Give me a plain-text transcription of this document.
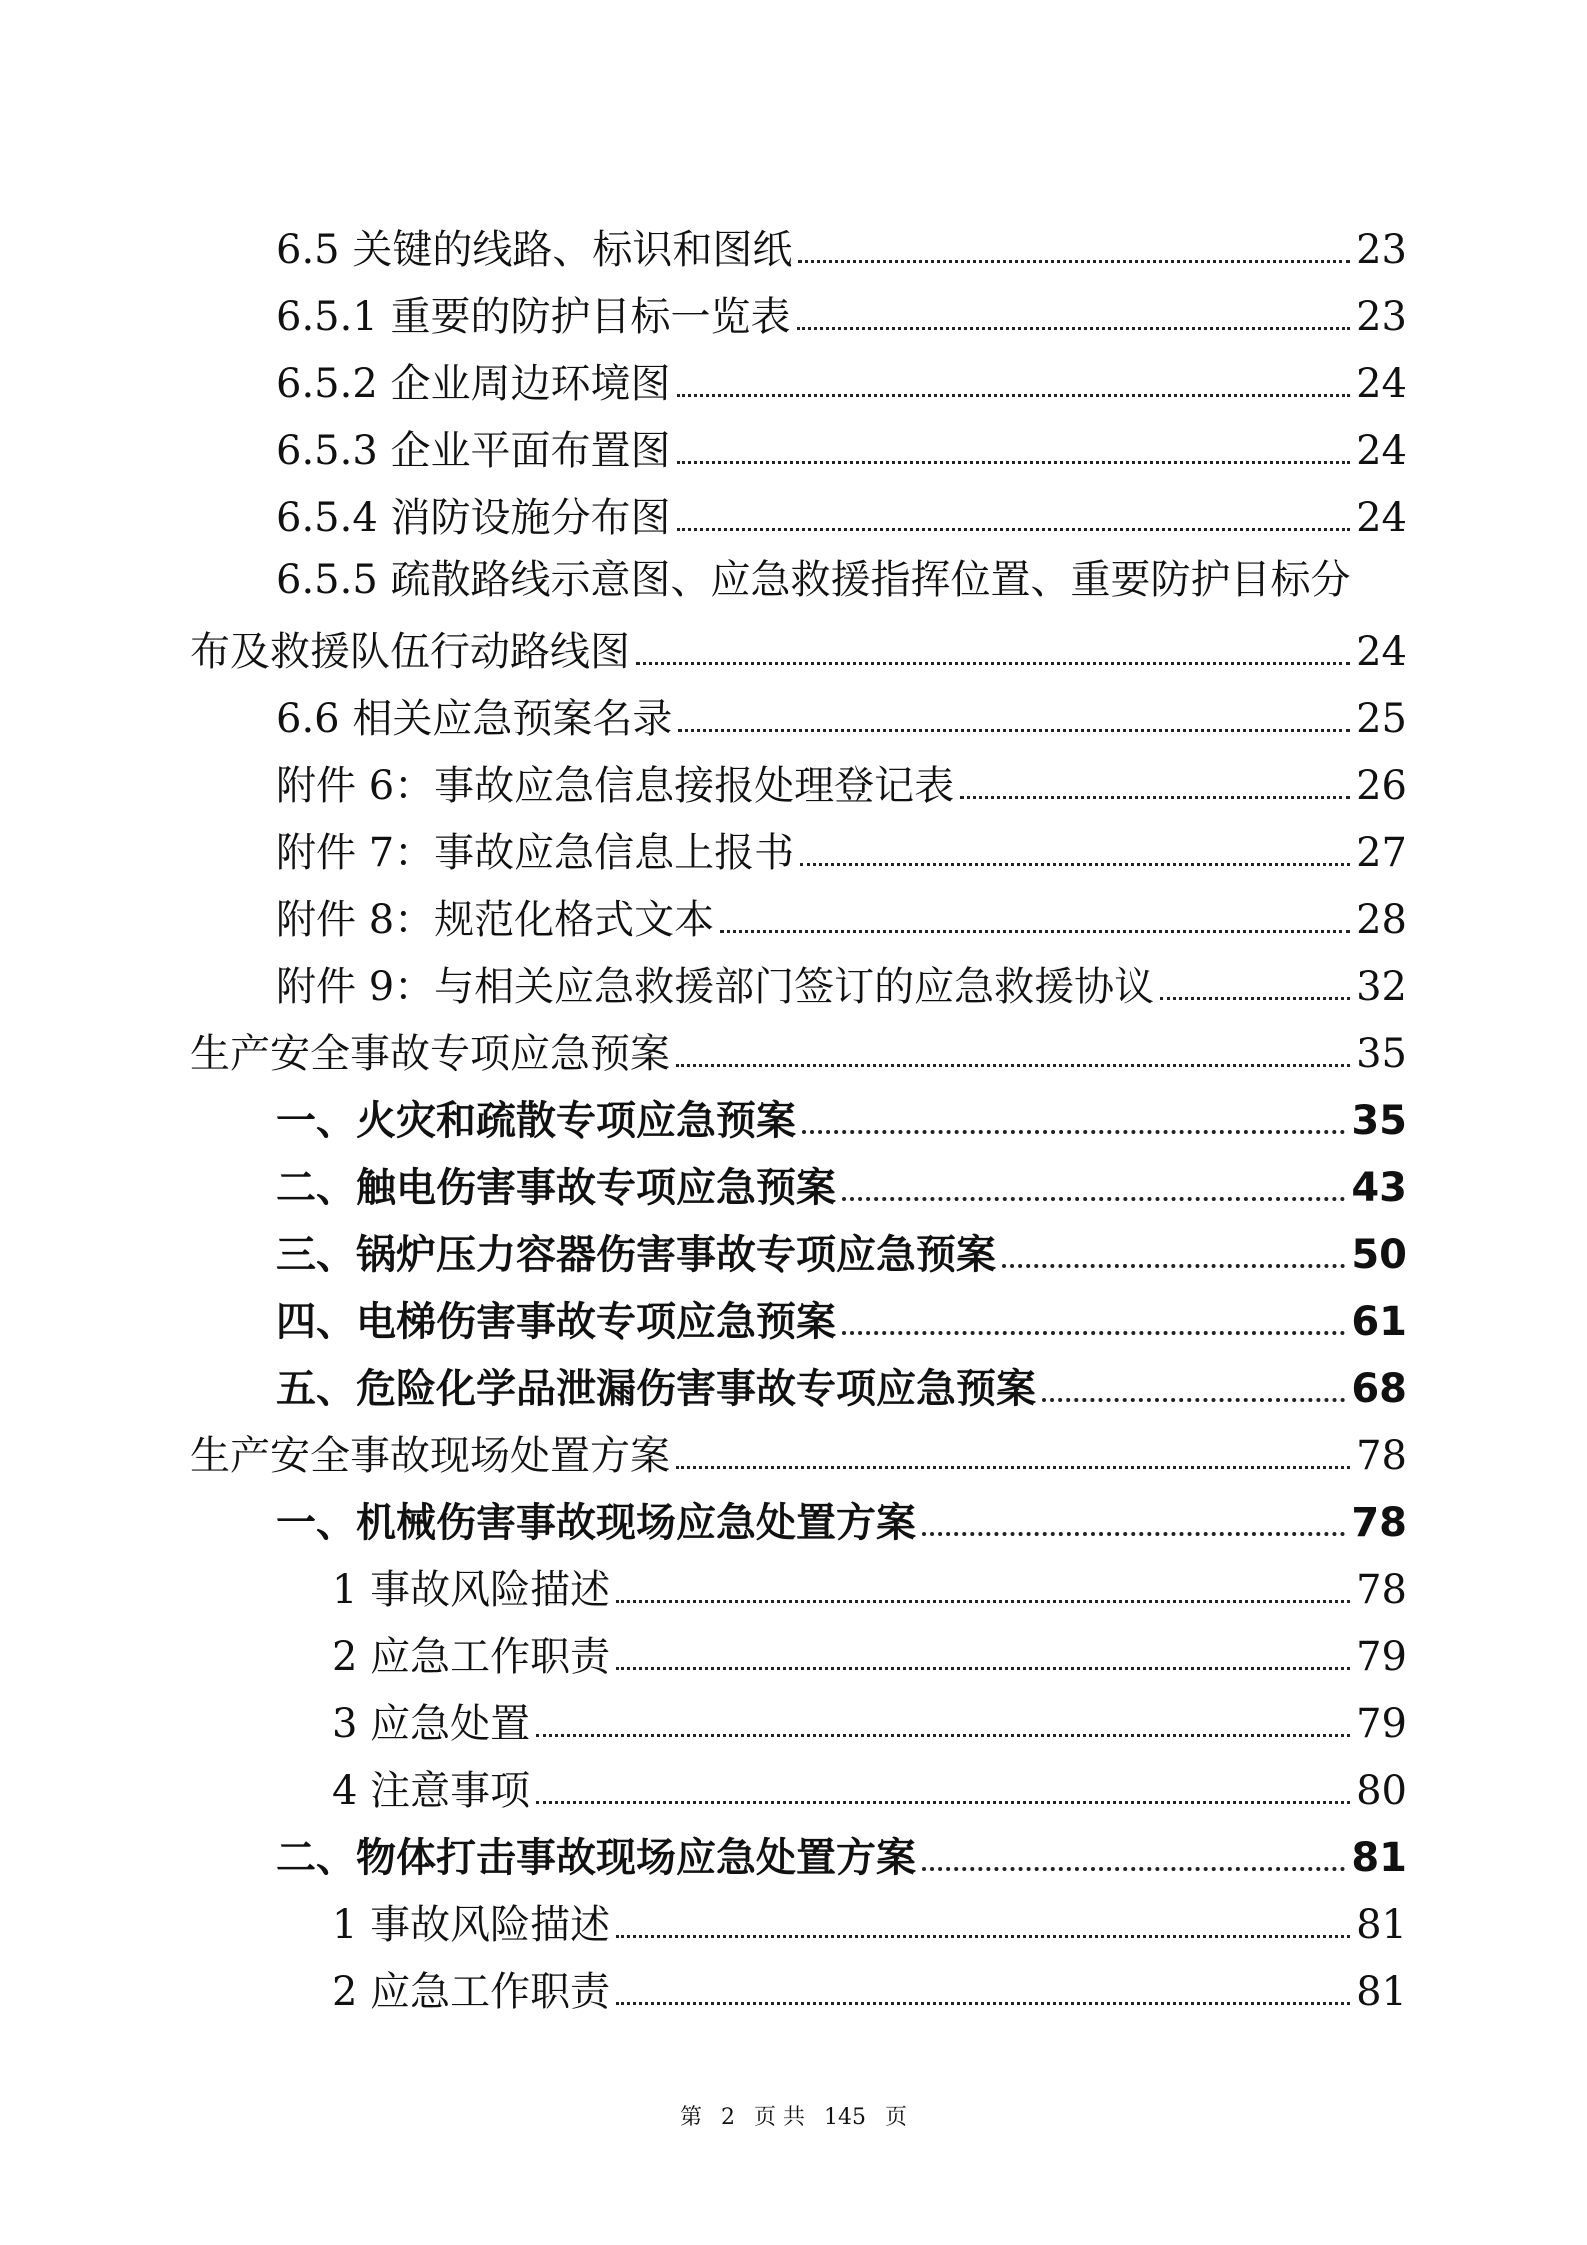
6.5 关键的线路、标识和图纸	23
6.5.1 重要的防护目标一览表	23
6.5.2 企业周边环境图	24
6.5.3 企业平面布置图	24
6.5.4 消防设施分布图	24
6.5.5 疏散路线示意图、应急救援指挥位置、重要防护目标分
布及救援队伍行动路线图	24
6.6 相关应急预案名录	25
附件 6：事故应急信息接报处理登记表	26
附件 7：事故应急信息上报书	27
附件 8：规范化格式文本	28
附件 9：与相关应急救援部门签订的应急救援协议	32
生产安全事故专项应急预案	35
一、火灾和疏散专项应急预案	35
二、触电伤害事故专项应急预案	43
三、锅炉压力容器伤害事故专项应急预案	50
四、电梯伤害事故专项应急预案	61
五、危险化学品泄漏伤害事故专项应急预案	68
生产安全事故现场处置方案	78
一、机械伤害事故现场应急处置方案	78
1 事故风险描述	78
2 应急工作职责	79
3 应急处置	79
4 注意事项	80
二、物体打击事故现场应急处置方案	81
1 事故风险描述	81
2 应急工作职责	81
第 2 页 共 145 页
